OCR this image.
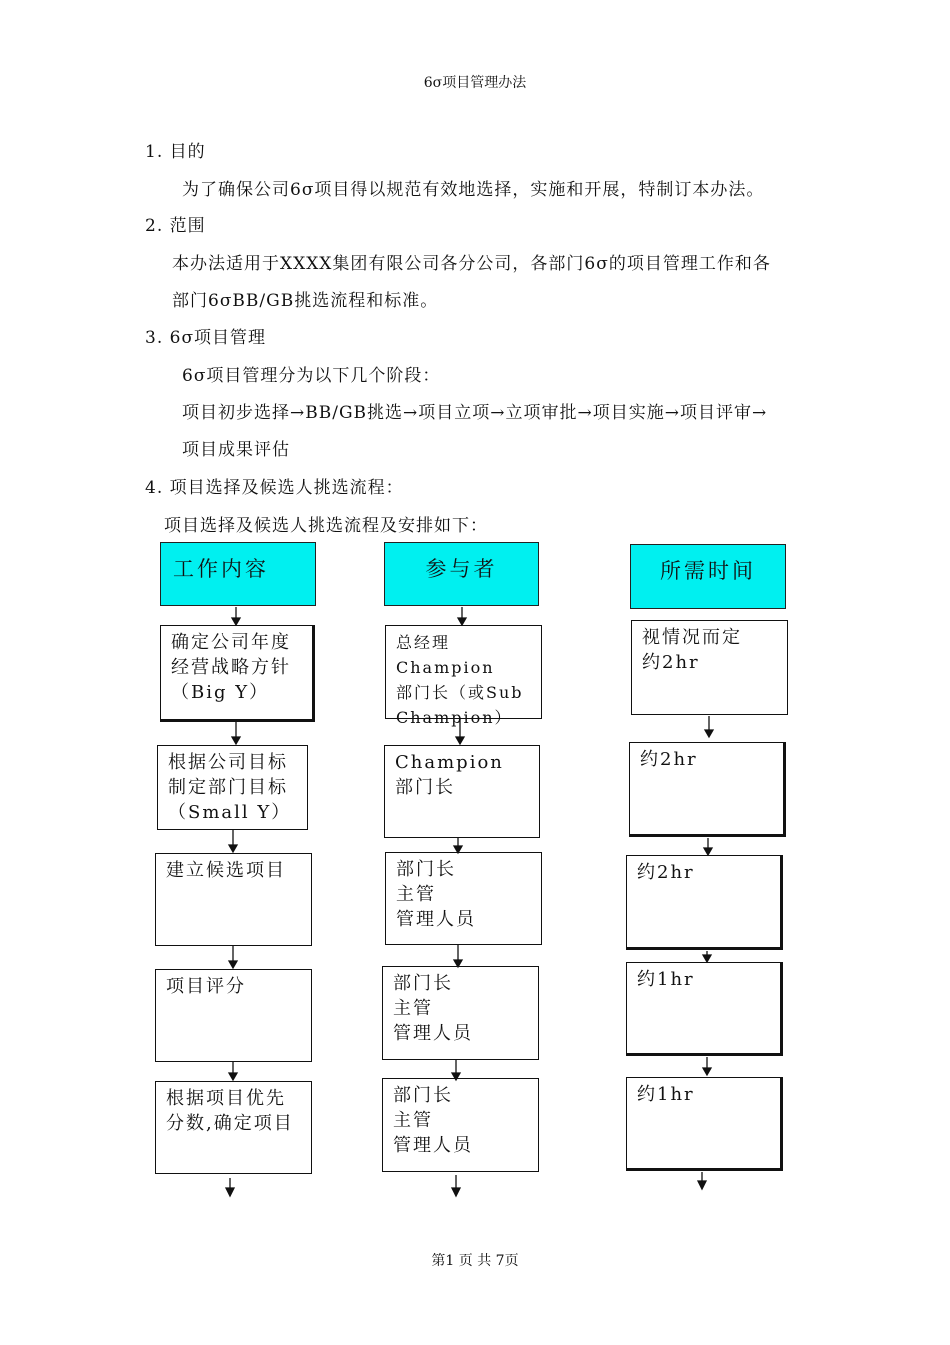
6σ项目管理办法
1. 目的
为了确保公司6σ项目得以规范有效地选择，实施和开展，特制订本办法。
2. 范围
本办法适用于XXXX集团有限公司各分公司，各部门6σ的项目管理工作和各
部门6σBB/GB挑选流程和标准。
3. 6σ项目管理
6σ项目管理分为以下几个阶段：
项目初步选择→BB/GB挑选→项目立项→立项审批→项目实施→项目评审→
项目成果评估
4. 项目选择及候选人挑选流程：
项目选择及候选人挑选流程及安排如下：
工作内容	参与者	所需时间
确定公司年度
经营战略方针
（Big Y）
根据公司目标
制定部门目标
（Small Y）
建立候选项目
项目评分
根据项目优先
分数,确定项目
总经理 Champion
部门长（或Sub
Champion）
Champion
部门长
部门长
主管
管理人员
部门长
主管
管理人员
部门长
主管
管理人员
视情况而定
约2hr
约2hr
约2hr
约1hr
约1hr
第1 页 共 7页
